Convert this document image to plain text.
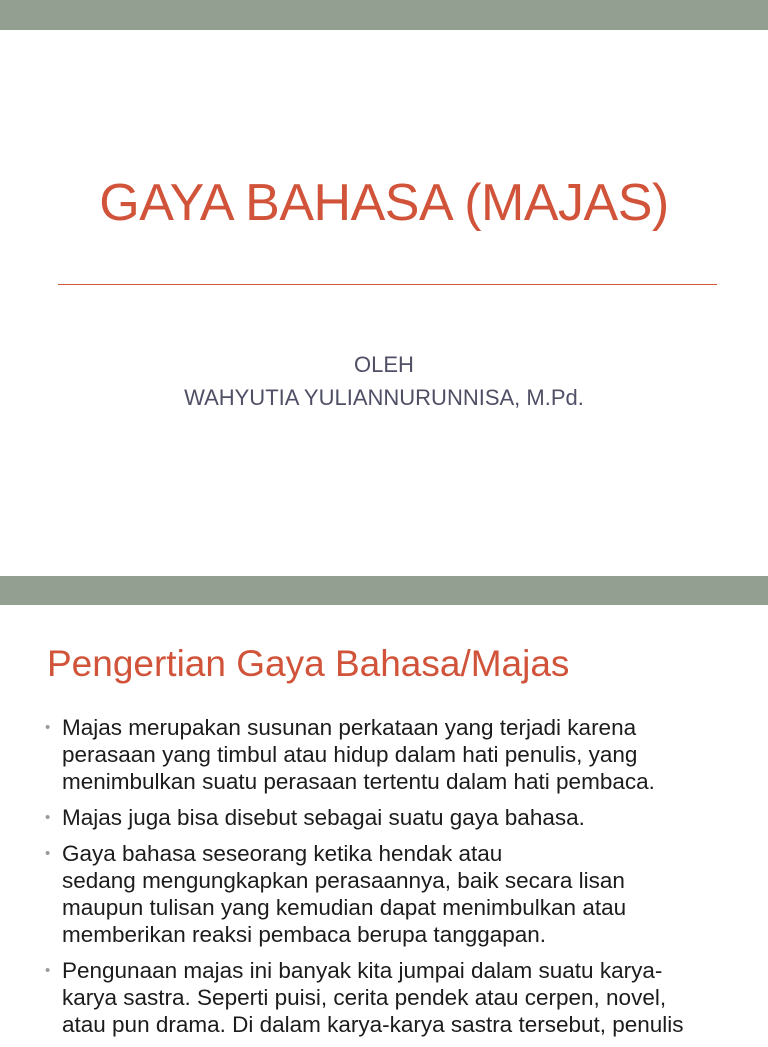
GAYA BAHASA (MAJAS)
OLEH
WAHYUTIA YULIANNURUNNISA, M.Pd.
Pengertian Gaya Bahasa/Majas
• Majas merupakan susunan perkataan yang terjadi karena
perasaan yang timbul atau hidup dalam hati penulis, yang
menimbulkan suatu perasaan tertentu dalam hati pembaca.
• Majas juga bisa disebut sebagai suatu gaya bahasa.
• Gaya bahasa seseorang ketika hendak atau
sedang mengungkapkan perasaannya, baik secara lisan
maupun tulisan yang kemudian dapat menimbulkan atau
memberikan reaksi pembaca berupa tanggapan.
• Pengunaan majas ini banyak kita jumpai dalam suatu karya-
karya sastra. Seperti puisi, cerita pendek atau cerpen, novel,
atau pun drama. Di dalam karya-karya sastra tersebut, penulis
